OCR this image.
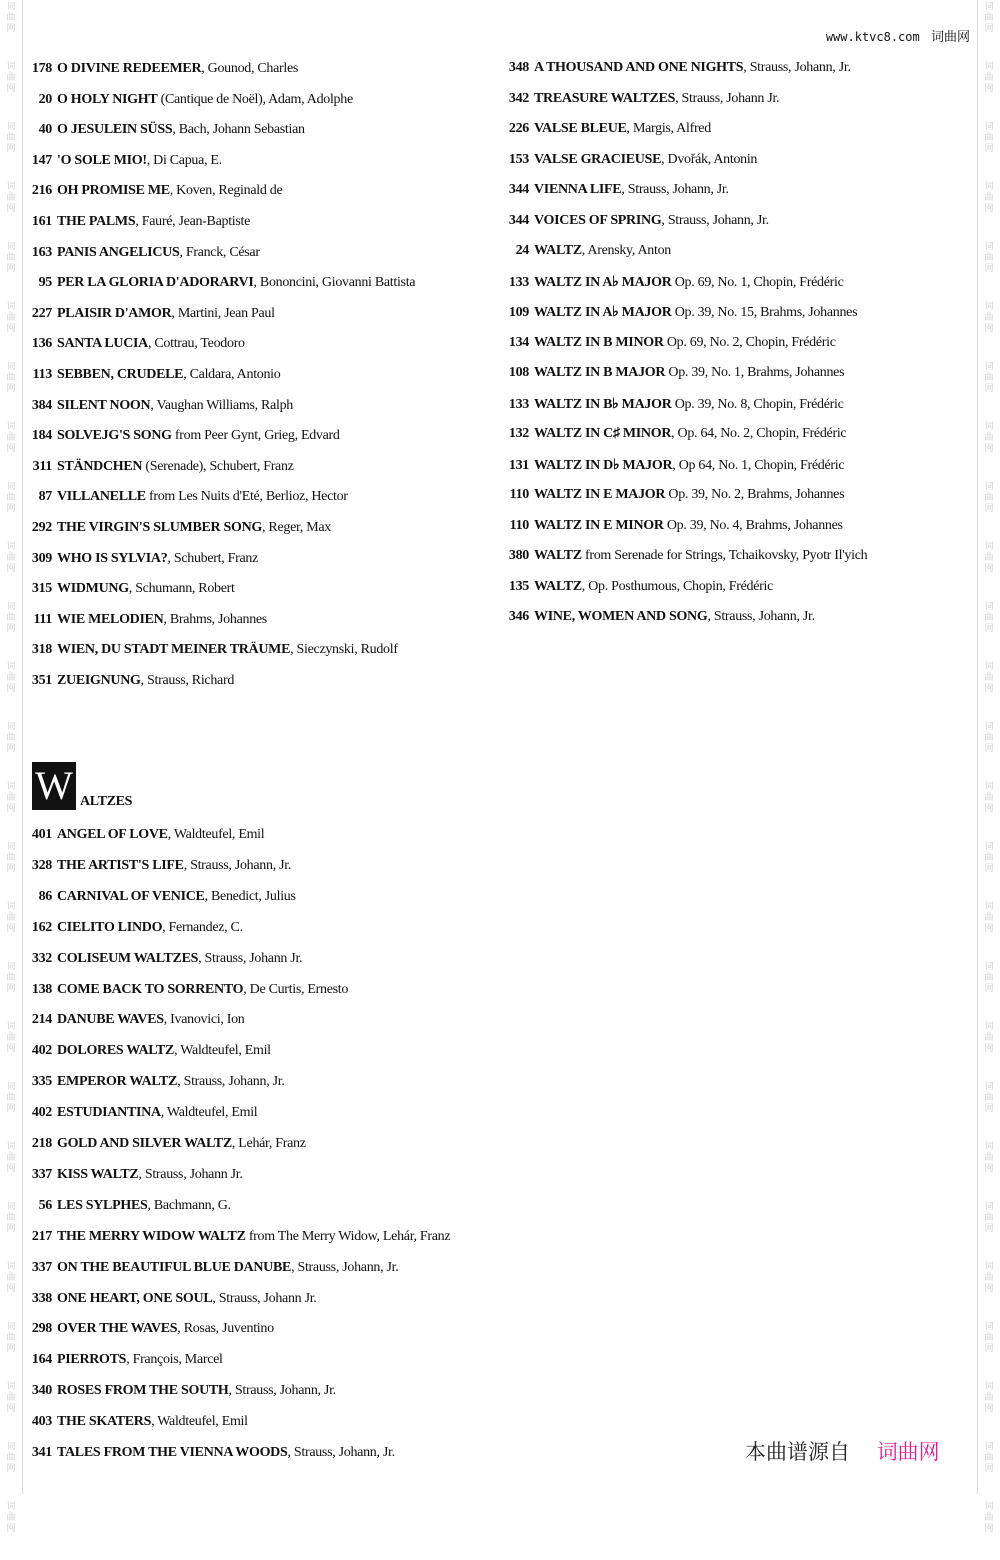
词
曲
网
词
曲
网
词
曲
网
词
曲
网
词
曲
网
词
曲
网
词
曲
网
词
曲
网
词
曲
网
词
曲
网
词
曲
网
词
曲
网
词
曲
网
词
曲
网
词
曲
网
词
曲
网
词
曲
网
词
曲
网
词
曲
网
词
曲
网
词
曲
网
词
曲
网
词
曲
网
词
曲
网
词
曲
网
词
曲
网
词
曲
网
词
曲
网
词
曲
网
词
曲
网
词
曲
网
词
曲
网
词
曲
网
词
曲
网
词
曲
网
词
曲
网
词
曲
网
词
曲
网
词
曲
网
词
曲
网
词
曲
网
词
曲
网
词
曲
网
词
曲
网
词
曲
网
词
曲
网
词
曲
网
词
曲
网
词
曲
网
词
曲
网
词
曲
网
词
曲
网
www.ktvc8.com 词曲网
178 O DIVINE REDEEMER, Gounod, Charles
20 O HOLY NIGHT (Cantique de Noël), Adam, Adolphe
40 O JESULEIN SÜSS, Bach, Johann Sebastian
147 'O SOLE MIO!, Di Capua, E.
216 OH PROMISE ME, Koven, Reginald de
161 THE PALMS, Fauré, Jean-Baptiste
163 PANIS ANGELICUS, Franck, César
95 PER LA GLORIA D'ADORARVI, Bononcini, Giovanni Battista
227 PLAISIR D'AMOR, Martini, Jean Paul
136 SANTA LUCIA, Cottrau, Teodoro
113 SEBBEN, CRUDELE, Caldara, Antonio
384 SILENT NOON, Vaughan Williams, Ralph
184 SOLVEJG'S SONG from Peer Gynt, Grieg, Edvard
311 STÄNDCHEN (Serenade), Schubert, Franz
87 VILLANELLE from Les Nuits d'Eté, Berlioz, Hector
292 THE VIRGIN'S SLUMBER SONG, Reger, Max
309 WHO IS SYLVIA?, Schubert, Franz
315 WIDMUNG, Schumann, Robert
111 WIE MELODIEN, Brahms, Johannes
318 WIEN, DU STADT MEINER TRÄUME, Sieczynski, Rudolf
351 ZUEIGNUNG, Strauss, Richard
W ALTZES
401 ANGEL OF LOVE, Waldteufel, Emil
328 THE ARTIST'S LIFE, Strauss, Johann, Jr.
86 CARNIVAL OF VENICE, Benedict, Julius
162 CIELITO LINDO, Fernandez, C.
332 COLISEUM WALTZES, Strauss, Johann Jr.
138 COME BACK TO SORRENTO, De Curtis, Ernesto
214 DANUBE WAVES, Ivanovici, Ion
402 DOLORES WALTZ, Waldteufel, Emil
335 EMPEROR WALTZ, Strauss, Johann, Jr.
402 ESTUDIANTINA, Waldteufel, Emil
218 GOLD AND SILVER WALTZ, Lehár, Franz
337 KISS WALTZ, Strauss, Johann Jr.
56 LES SYLPHES, Bachmann, G.
217 THE MERRY WIDOW WALTZ from The Merry Widow, Lehár, Franz
337 ON THE BEAUTIFUL BLUE DANUBE, Strauss, Johann, Jr.
338 ONE HEART, ONE SOUL, Strauss, Johann Jr.
298 OVER THE WAVES, Rosas, Juventino
164 PIERROTS, François, Marcel
340 ROSES FROM THE SOUTH, Strauss, Johann, Jr.
403 THE SKATERS, Waldteufel, Emil
341 TALES FROM THE VIENNA WOODS, Strauss, Johann, Jr.
348 A THOUSAND AND ONE NIGHTS, Strauss, Johann, Jr.
342 TREASURE WALTZES, Strauss, Johann Jr.
226 VALSE BLEUE, Margis, Alfred
153 VALSE GRACIEUSE, Dvořák, Antonin
344 VIENNA LIFE, Strauss, Johann, Jr.
344 VOICES OF SPRING, Strauss, Johann, Jr.
24 WALTZ, Arensky, Anton
133 WALTZ IN A♭ MAJOR Op. 69, No. 1, Chopin, Frédéric
109 WALTZ IN A♭ MAJOR Op. 39, No. 15, Brahms, Johannes
134 WALTZ IN B MINOR Op. 69, No. 2, Chopin, Frédéric
108 WALTZ IN B MAJOR Op. 39, No. 1, Brahms, Johannes
133 WALTZ IN B♭ MAJOR Op. 39, No. 8, Chopin, Frédéric
132 WALTZ IN C♯ MINOR, Op. 64, No. 2, Chopin, Frédéric
131 WALTZ IN D♭ MAJOR, Op 64, No. 1, Chopin, Frédéric
110 WALTZ IN E MAJOR Op. 39, No. 2, Brahms, Johannes
110 WALTZ IN E MINOR Op. 39, No. 4, Brahms, Johannes
380 WALTZ from Serenade for Strings, Tchaikovsky, Pyotr Il'yich
135 WALTZ, Op. Posthumous, Chopin, Frédéric
346 WINE, WOMEN AND SONG, Strauss, Johann, Jr.
本曲谱源自 词曲网
